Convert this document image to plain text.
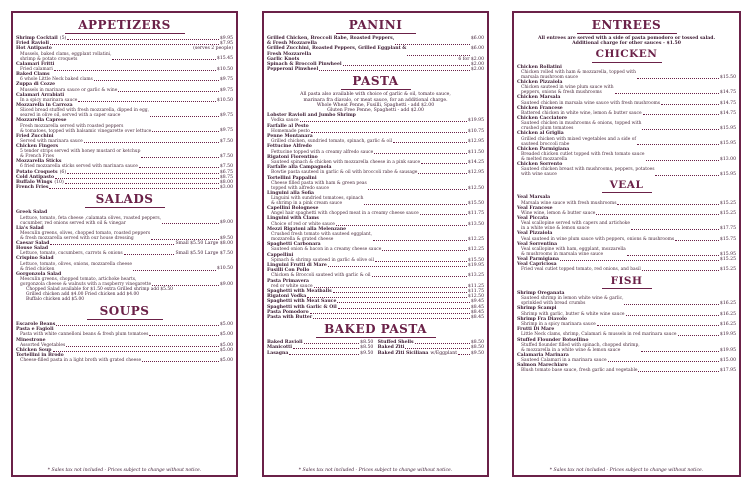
APPETIZERS
Shrimp Cocktail (5)	$9.95
Fried Ravioli	$7.95
Hot Antipasto	(serves 2 people)
Mussels, baked clams, eggplant rollatini,
shrimp & potato croquets	$15.45
Calamari Fritti
Fried calamari	$10.50
Baked Clams
6 whole Little Neck baked clams	$9.75
Zuppa di Cozze
Mussels in marinara sauce or garlic & wine	$9.75
Calamari Arrabiati
In a spicy marinara sauce	$10.50
Mozzarella in Carroza
Sliced bread stuffed with fresh mozzarella, dipped in egg,
seared in olive oil, served with a caper sauce	$9.75
Mozzarella Caprese
Fresh mozzarella served with roasted peppers
& tomatoes, topped with balsamic vinegarette over lettuce	$9.75
Fried Zucchini
Served with marinara sauce	$7.50
Chicken Fingers
5 tender strips served with honey mustard or ketchup
& French Fries	$7.50
Mozzarella Sticks
6 fried mozzarella sticks served with marinara sauce	$7.50
Potato Croquets (6)	$6.75
Cold Antipasto	$8.75
Buffalo Wings (10)	$8.00
French Fries	$3.00
SALADS
Greek Salad
Lettuce, tomato, feta cheese ,calamata olives, roasted peppers,
cucumber, red onions served with oil & vinegar	$9.00
Lia's Salad
Mesculin greens, olives, chopped tomato, roasted peppers
& fresh mozzarella served with our house dressing	$9.50
Caesar Salad	Small $5.50 Large $8.00
House Salad
Lettuce, tomato, cucumbers, carrots & onions	Small $5.50 Large $7.50
Crispino Salad
Lettuce, tomato, olives, onions, mozzarella cheese
& fried chicken	$10.50
Gorgonzola Salad
Mesculin greens, chopped tomato, artichoke hearts,
gorgonzola cheese & walnuts with a raspberry vinegarette	$9.00
Chopped Salad available for $1.50 extra Grilled shrimp add $5.50
Grilled chicken add $4.00 Fried chicken add $4.00
Buffalo chicken add $5.00
SOUPS
Escarole Beans	$5.00
Pasta e Fagioli
Pasta with white cannelloni beans & fresh plum tomatoes	$5.00
Minestrone
Assorted Vegetables	$5.00
Chicken Soup	$5.00
Tortellini in Brodo
Cheese-filled pasta in a light broth with grated cheese	$5.00
* Sales tax not included - Prices subject to change without notice.
PANINI
Grilled Chicken, Broccoli Rabe, Roasted Peppers,
& Fresh Mozzarella
$6.00
Grilled Zucchini, Roasted Peppers, Grilled Eggplant &
Fresh Mozzarella
$6.00
Garlic Knots	6 for $2.00
Spinach & Broccoli Pinwheel	$2.00
Pepperoni Pinwheel	$2.00
PASTA
All pasta also available with choice of garlic & oil, tomato sauce,
marinara fra diavalo, or meat sauce, for an additional charge.
Whole Wheat Penne, Fusilli, Spaghetti - add $2.00
Gluten Free Penne, Spaghetti - add $2.00
Lobster Ravioli and Jumbo Shrimp
Vodka sauce	$19.95
Farfalle al Pesto
Homemade pesto	$10.75
Penne Montanara
Grilled chicken, sundried tomato, spinach, garlic & oil	$12.95
Fettucine Alfredo
Fettucine topped with a creamy alfredo sauce	$11.50
Rigatoni Fiorentino
Sauteed spinach & chicken with mozzarella cheese in a pink sauce	$14.25
Farfalle alla Campagnola
Bowtie pasta sauteed in garlic & oil with broccoli rabe & sausage	$12.95
Tortellini Pappalini
Cheese filled pasta with ham & green peas
topped with alfredo sauce	$12.50
Linguini alla Sofia
Linguini with sundried tomatoes, spinach
& shrimp in a pink cream sauce	$15.50
Capellini Bolognese
Angel hair spaghetti with chopped meat in a creamy cheese sauce	$11.75
Linguini with Clams
Choice of red or white sauce	$13.50
Mezzi Rigatoni alla Melenzane
Crushed fresh tomato with sauteed eggplant,
mozzarella & grated cheese	$12.25
Spaghetti Carbonara
Sauteed onion & bacon in a creamy cheese sauce	$12.25
Cappellini
Spinach & shrimp sauteed in garlic & olive oil	$15.50
Linguini Frutti di Mare	$19.95
Fusilli Con Pollo
Chicken & Broccoli sauteed with garlic & oil	$13.25
Pasta Primavera
red or white sauce	$11.25
Spaghetti with Meatballs	$11.75
Rigatoni Vodka	$12.50
Spaghetti with Meat Sauce	$9.45
Spaghetti with Garlic & Oil	$8.45
Pasta Pomodoro	$8.45
Pasta with Butter	$8.45
BAKED PASTA
Baked Ravioli	$8.50
Manicotti	$8.50
Lasagna	$9.50
Stuffed Shells	$8.50
Baked Ziti	$8.50
Baked Ziti Siciliana w/Eggplant	$9.50
* Sales tax not included - Prices subject to change without notice.
ENTREES
All entrees are served with a side of pasta pomodoro or tossed salad.
Additional charge for other sauces - $1.50
CHICKEN
Chicken Rollatini
Chicken rolled with ham & mozzarella, topped with
marsala mushroom sauce	$15.50
Chicken Pizzaiola
Chicken sauteed in wine plum sauce with
peppers, onions & fresh mushrooms	$14.75
Chicken Marsala
Sauteed chicken in marsala wine sauce with fresh mushrooms	$14.75
Chicken Francese
Battered chicken in white wine, lemon & butter sauce	$14.75
Chicken Cacciatore
Sauteed chicken in mushrooms & onions, topped with
crushed plum tomatoes	$15.95
Chicken al Griglia
Grilled chicken with mixed vegetables and a side of
sauteed broccoli rabe	$15.95
Chicken Parmigiana
Breaded chicken cutlet topped with fresh tomato sauce
& melted mozzarella	$13.00
Chicken Sorrento
Sauteed chicken breast with mushrooms, peppers, potatoes
with wine sauce	$15.95
VEAL
Veal Marsala
Marsala wine sauce with fresh mushrooms	$15.25
Veal Francese
Wine wine, lemon & butter sauce	$15.25
Veal Piccata
Veal scallopine served with capers and artichoke
in a white wine & lemon sauce	$17.75
Veal Pizzaiola
Veal sauteed in wine plum sauce with peppers, onions & mushrooms	$15.75
Veal Sorrentina
Veal scallopine with ham, eggplant, mozzarella
& mushrooms in marsala wine sauce	$15.95
Veal Parmigiana	$15.25
Veal Capriciosa
Fried veal cutlet topped tomato, red onions, and basil	$15.25
FISH
Shrimp Oreganata
Sauteed shrimp in lemon white wine & garlic,
sprinkled with bread crumbs	$16.25
Shrimp Scampi
Shrimp with garlic, butter & white wine sauce	$16.25
Shrimp Fra Diavolo
Shrimp in a spicy marinara sauce	$16.25
Frutti Di Mare
Little Neck clams, shrimp, Calamari & mussels in red marinara sauce	$19.95
Stuffed Flounder Botsellino
Stuffed flounder filled with spinach, chopped shrimp,
& mozzarella in a white wine & lemon sauce	$19.95
Calamaria Marinara
Sauteed Calamari in a marinara sauce	$15.00
Salmon Marechiaro
Blush tomato base sauce, fresh garlic and vegetable	$17.95
* Sales tax not included - Prices subject to change without notice.
